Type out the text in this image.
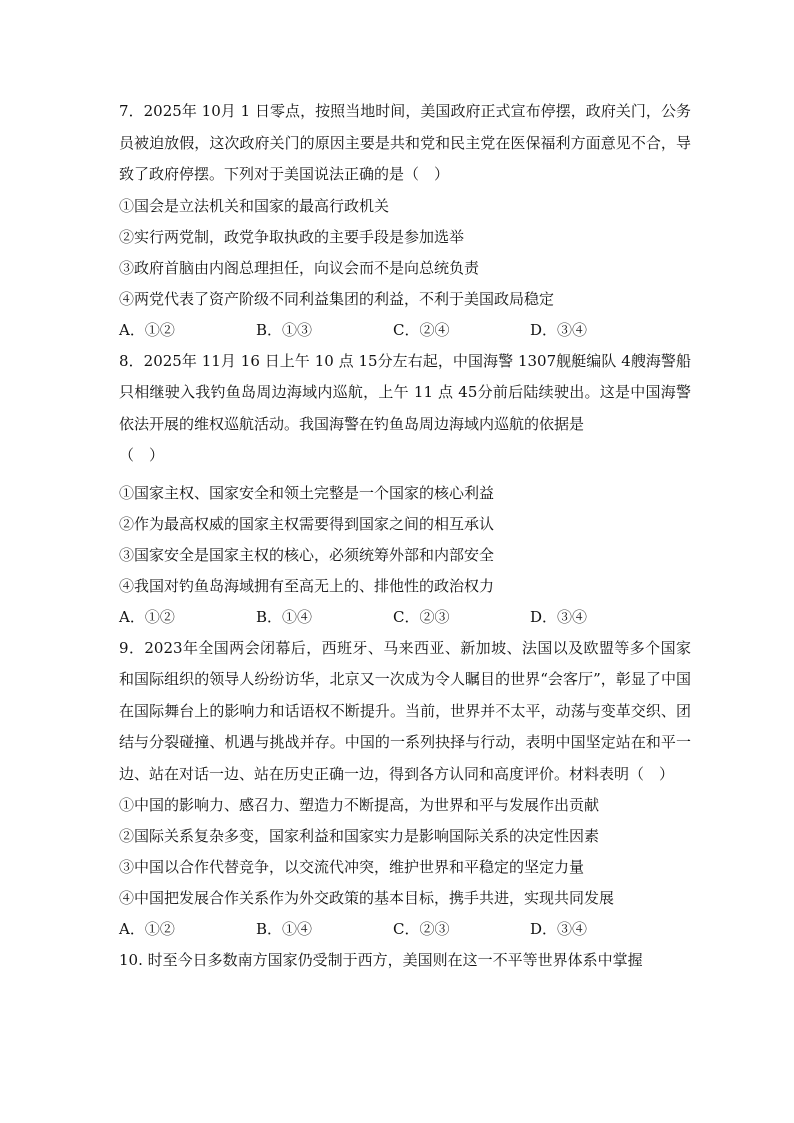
7．2025年 10月 1 日零点，按照当地时间，美国政府正式宣布停摆，政府关门，公务员被迫放假，这次政府关门的原因主要是共和党和民主党在医保福利方面意见不合，导致了政府停摆。下列对于美国说法正确的是（　）

①国会是立法机关和国家的最高行政机关

②实行两党制，政党争取执政的主要手段是参加选举

③政府首脑由内阁总理担任，向议会而不是向总统负责

④两党代表了资产阶级不同利益集团的利益，不利于美国政局稳定

A．①②	B．①③	C．②④	D．③④

8．2025年 11月 16 日上午 10 点 15分左右起，中国海警 1307舰艇编队 4艘海警船只相继驶入我钓鱼岛周边海域内巡航，上午 11 点 45分前后陆续驶出。这是中国海警依法开展的维权巡航活动。我国海警在钓鱼岛周边海域内巡航的依据是

（　）

①国家主权、国家安全和领土完整是一个国家的核心利益

②作为最高权威的国家主权需要得到国家之间的相互承认

③国家安全是国家主权的核心，必须统筹外部和内部安全

④我国对钓鱼岛海域拥有至高无上的、排他性的政治权力

A．①②	B．①④	C．②③	D．③④

9．2023年全国两会闭幕后，西班牙、马来西亚、新加坡、法国以及欧盟等多个国家和国际组织的领导人纷纷访华，北京又一次成为令人瞩目的世界“会客厅”，彰显了中国在国际舞台上的影响力和话语权不断提升。当前，世界并不太平，动荡与变革交织、团结与分裂碰撞、机遇与挑战并存。中国的一系列抉择与行动，表明中国坚定站在和平一边、站在对话一边、站在历史正确一边，得到各方认同和高度评价。材料表明（　）

①中国的影响力、感召力、塑造力不断提高，为世界和平与发展作出贡献

②国际关系复杂多变，国家利益和国家实力是影响国际关系的决定性因素

③中国以合作代替竞争，以交流代冲突，维护世界和平稳定的坚定力量

④中国把发展合作关系作为外交政策的基本目标，携手共进，实现共同发展

A．①②	B．①④	C．②③	D．③④

10. 时至今日多数南方国家仍受制于西方，美国则在这一不平等世界体系中掌握
